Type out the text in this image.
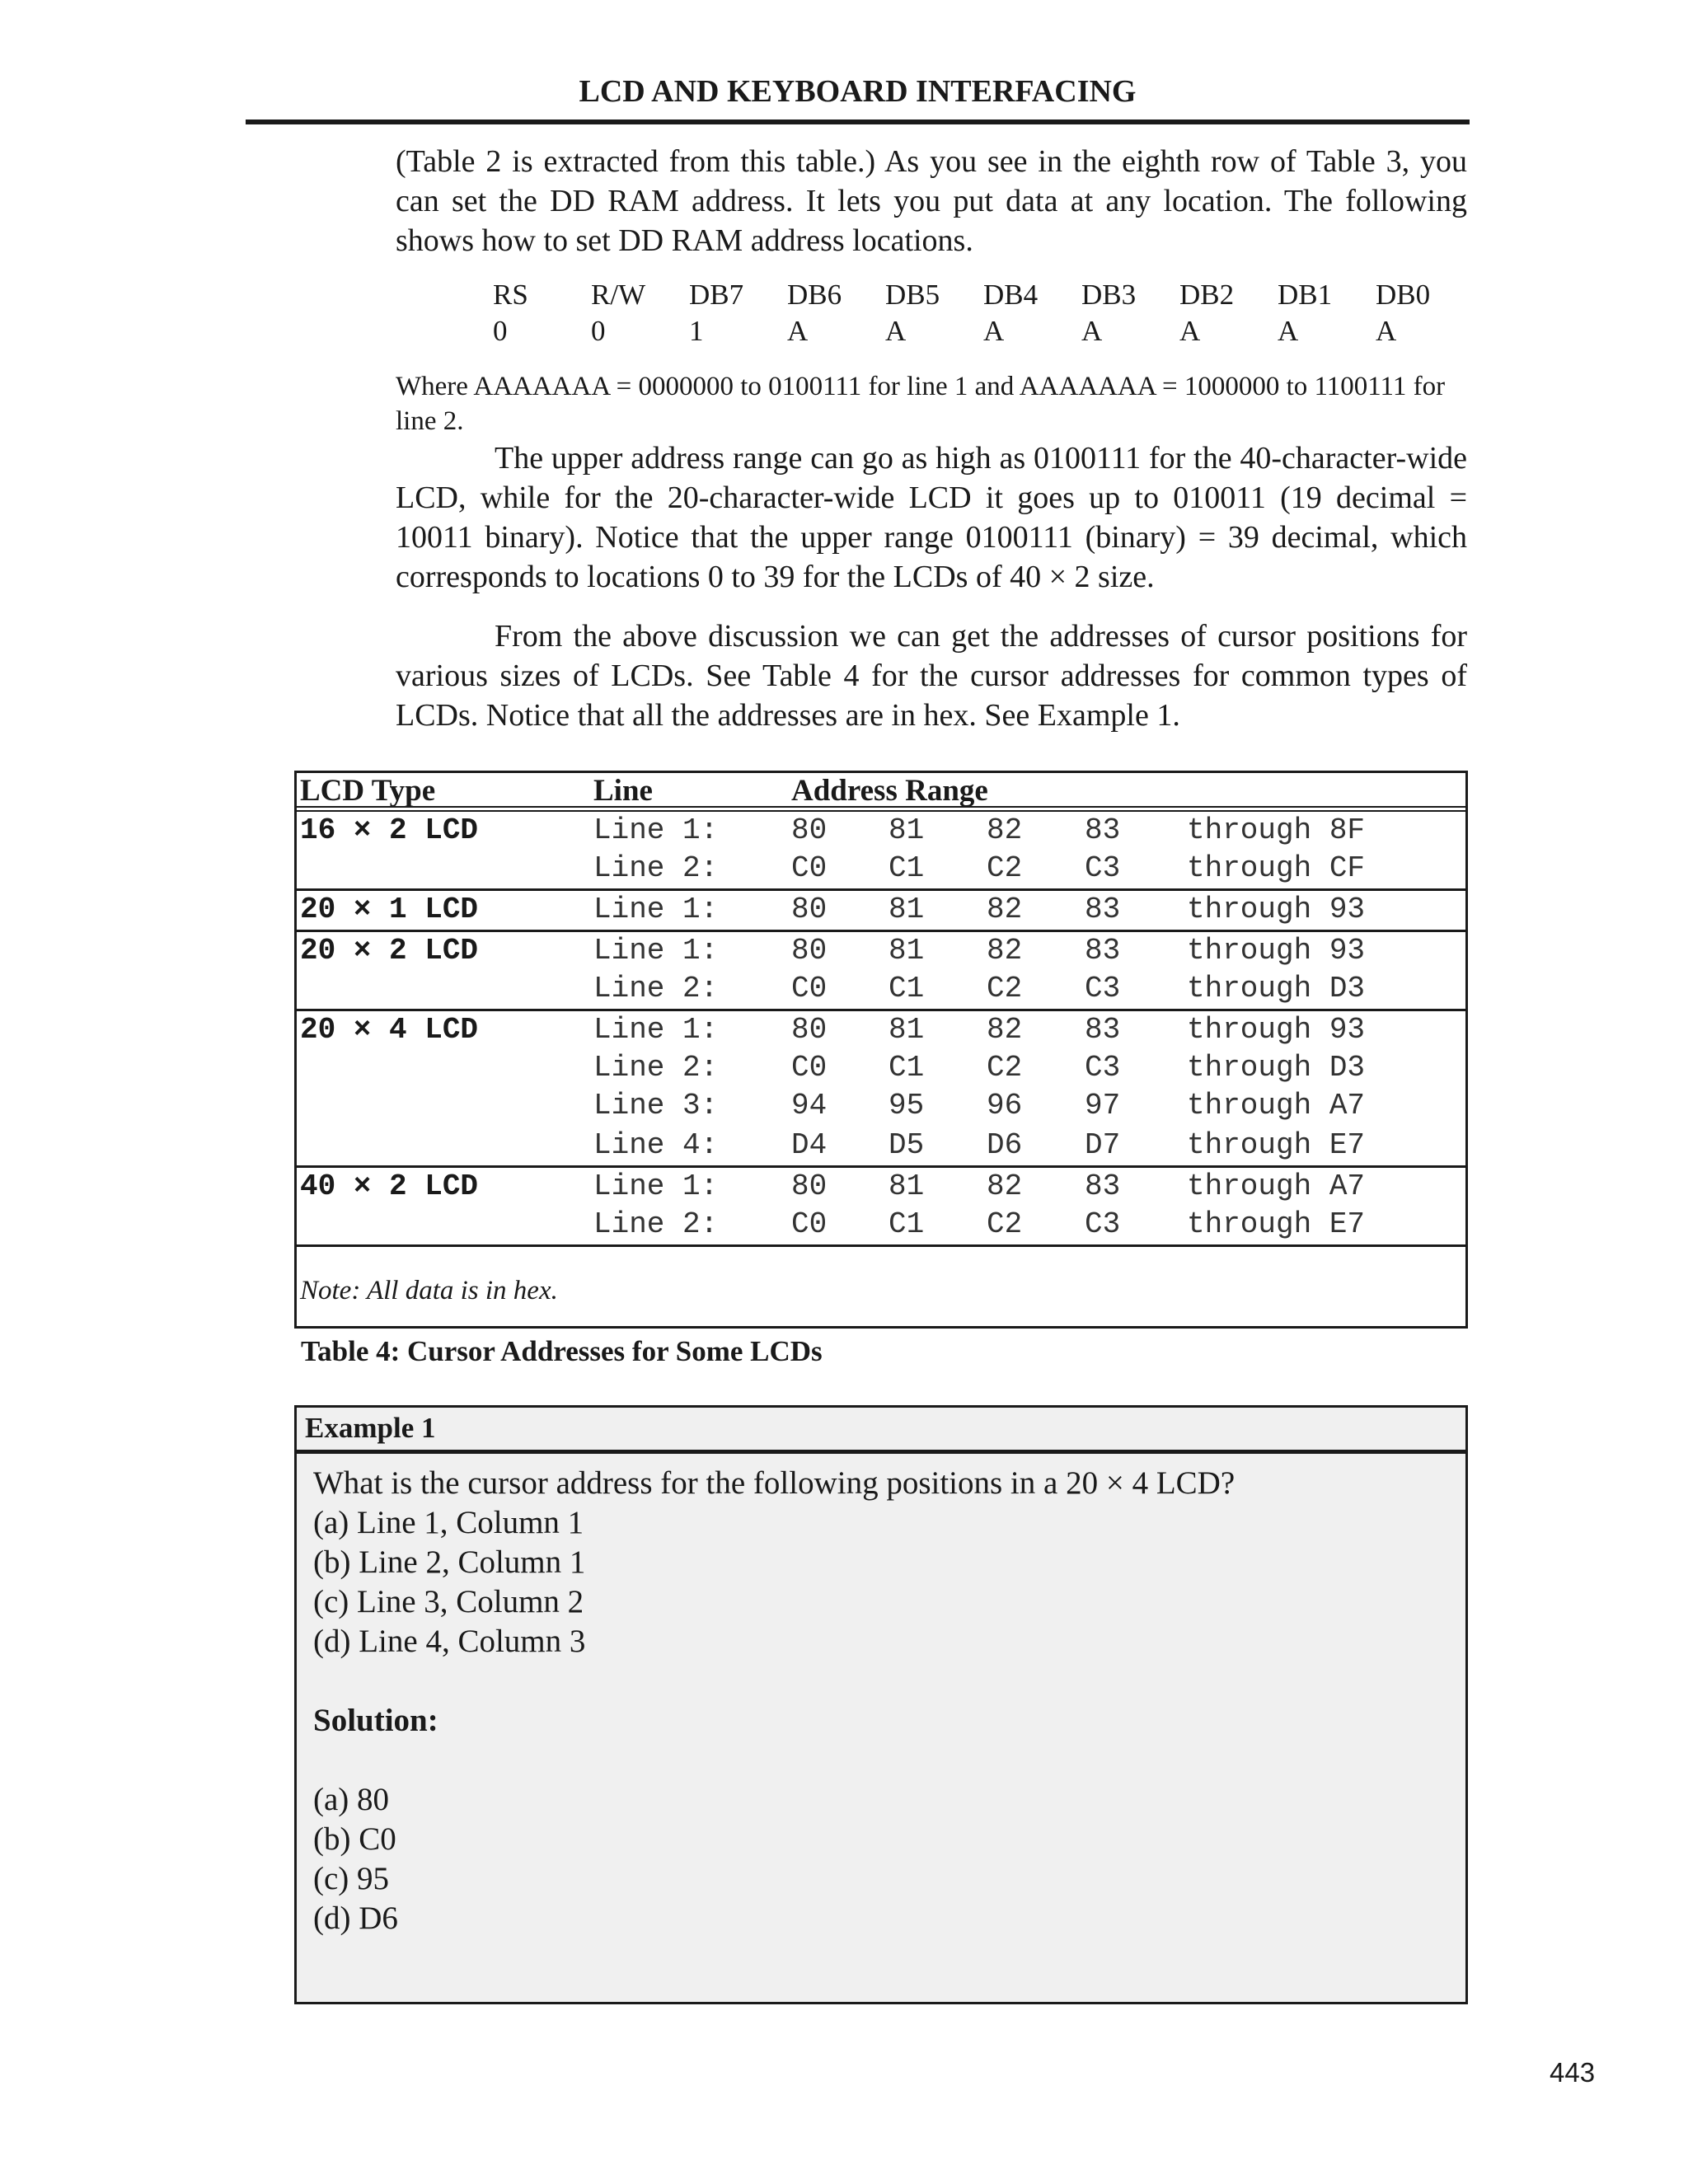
LCD AND KEYBOARD INTERFACING
(Table 2 is extracted from this table.) As you see in the eighth row of Table 3, you can set the DD RAM address. It lets you put data at any location. The following shows how to set DD RAM address locations.
RS	R/W	DB7	DB6	DB5	DB4	DB3	DB2	DB1	DB0
0	0	1	A	A	A	A	A	A	A
Where AAAAAAA = 0000000 to 0100111 for line 1 and AAAAAAA = 1000000 to 1100111 for line 2.
The upper address range can go as high as 0100111 for the 40-character-wide LCD, while for the 20-character-wide LCD it goes up to 010011 (19 decimal = 10011 binary). Notice that the upper range 0100111 (binary) = 39 decimal, which corresponds to locations 0 to 39 for the LCDs of 40 × 2 size.
From the above discussion we can get the addresses of cursor positions for various sizes of LCDs. See Table 4 for the cursor addresses for common types of LCDs. Notice that all the addresses are in hex. See Example 1.
LCD Type	Line	Address Range
16 × 2 LCD	Line 1: 80 81 82 83 through 8F
Line 2: C0 C1 C2 C3 through CF
20 × 1 LCD	Line 1: 80 81 82 83 through 93
20 × 2 LCD	Line 1: 80 81 82 83 through 93
Line 2: C0 C1 C2 C3 through D3
20 × 4 LCD	Line 1: 80 81 82 83 through 93
Line 2: C0 C1 C2 C3 through D3
Line 3: 94 95 96 97 through A7
Line 4: D4 D5 D6 D7 through E7
40 × 2 LCD	Line 1: 80 81 82 83 through A7
Line 2: C0 C1 C2 C3 through E7
Note: All data is in hex.
Table 4: Cursor Addresses for Some LCDs
Example 1
What is the cursor address for the following positions in a 20 × 4 LCD?
(a) Line 1, Column 1
(b) Line 2, Column 1
(c) Line 3, Column 2
(d) Line 4, Column 3
Solution:
(a) 80
(b) C0
(c) 95
(d) D6
443
